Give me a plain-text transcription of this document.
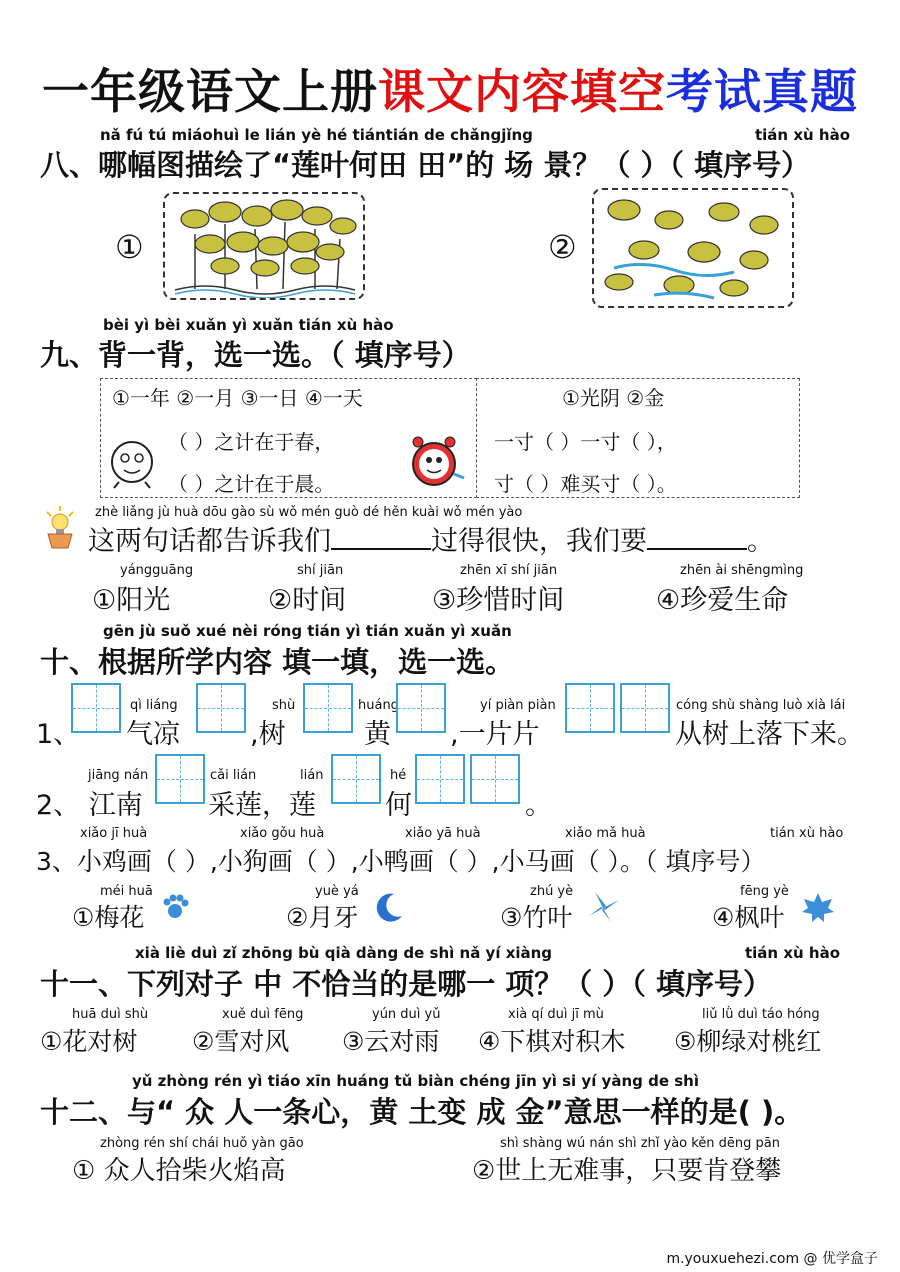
一年级语文上册课文内容填空考试真题
nǎ fú tú miáohuì le lián yè hé tiántián de chǎngjǐng	tián xù hào
八、哪幅图描绘了“莲叶何田 田”的 场 景？（ ）（ 填序号）
①	②
bèi yì bèi xuǎn yì xuǎn tián xù hào
九、背一背，选一选。（ 填序号）
①一年 ②一月 ③一日 ④一天
（ ）之计在于春，
（ ）之计在于晨。
①光阴 ②金
一寸（ ）一寸（ ），
寸（ ）难买寸（ ）。
zhè liǎng jù huà dōu gào sù wǒ mén guò dé hěn kuài wǒ mén yào
这两句话都告诉我们	过得很快，我们要	。
yángguāng	shí jiān	zhēn xī shí jiān	zhēn ài shēngmìng
①阳光	②时间	③珍惜时间	④珍爱生命
gēn jù suǒ xué nèi róng tián yì tián xuǎn yì xuǎn
十、根据所学内容 填一填，选一选。
1、
qì liáng
气凉
shù
,树
huáng
黄
yí piàn piàn
,一片片
cóng shù shàng luò xià lái
从树上落下来。
jiāng nán
2、 江南
cǎi lián
采莲，莲
lián	hé
何	。
xiǎo jī huà	xiǎo gǒu huà	xiǎo yā huà	xiǎo mǎ huà	tián xù hào
3、小鸡画（ ）,小狗画（ ）,小鸭画（ ）,小马画（ ）。（ 填序号）
méi huā	yuè yá	zhú yè	fēng yè
①梅花	②月牙	③竹叶	④枫叶
xià liè duì zǐ zhōng bù qià dàng de shì nǎ yí xiàng	tián xù hào
十一、下列对子 中 不恰当的是哪一 项？（ ）（ 填序号）
huā duì shù	xuě duì fēng	yún duì yǔ	xià qí duì jī mù	liǔ lǜ duì táo hóng
①花对树 ②雪对风 ③云对雨 ④下棋对积木 ⑤柳绿对桃红
yǔ zhòng rén yì tiáo xīn huáng tǔ biàn chéng jīn yì si yí yàng de shì
十二、与“ 众 人一条心，黄 土变 成 金”意思一样的是( )。
zhòng rén shí chái huǒ yàn gāo	shì shàng wú nán shì zhǐ yào kěn dēng pān
① 众人拾柴火焰高	②世上无难事，只要肯登攀
m.youxuehezi.com @ 优学盒子
